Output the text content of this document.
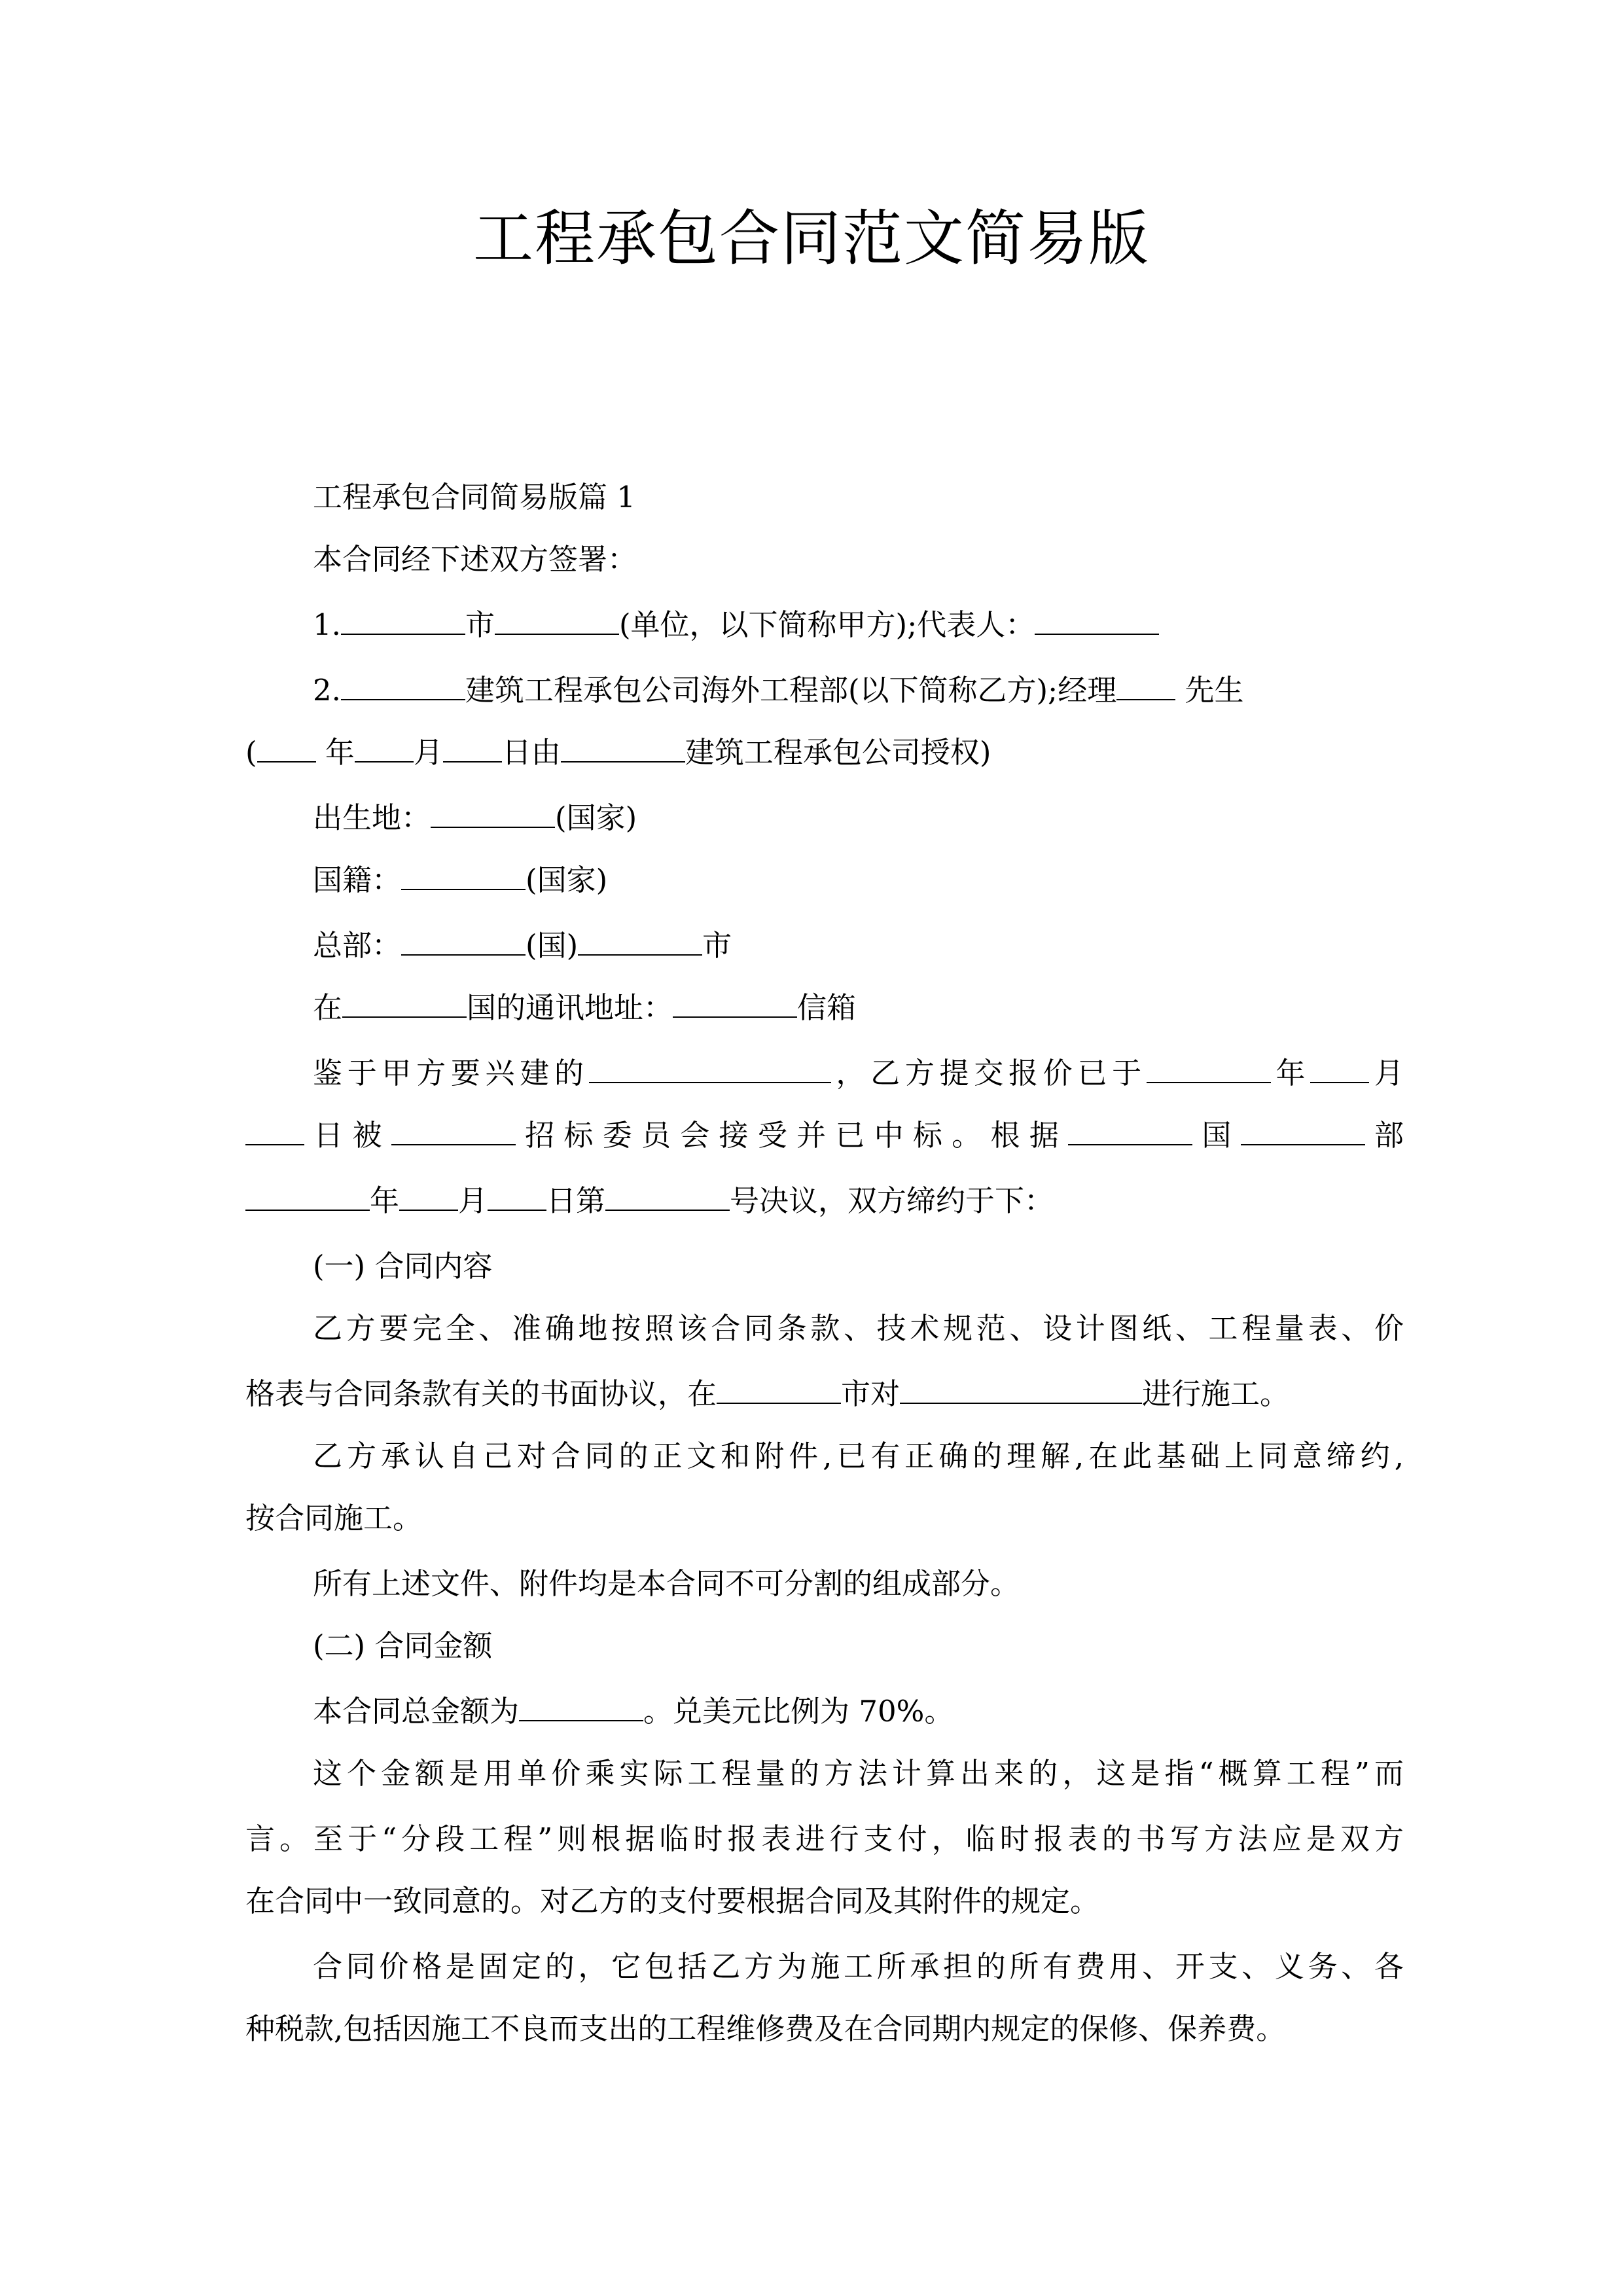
工程承包合同范文简易版
工程承包合同简易版篇 1
本合同经下述双方签署：
1.	市	(单位，以下简称甲方);代表人：
2.	建筑工程承包公司海外工程部(以下简称乙方);经理 先生
( 年 月 日由	建筑工程承包公司授权)
出生地：	(国家)
国籍：	(国家)
总部：	(国)	市
在	国的通讯地址：	信箱
鉴于甲方要兴建的	，乙方提交报价已于	年 月
日被	招标委员会接受并已中标。根据	国	部
年 月 日第	号决议，双方缔约于下：
(一) 合同内容
乙方要完全、准确地按照该合同条款、技术规范、设计图纸、工程量表、价
格表与合同条款有关的书面协议，在	市对	进行施工。
乙方承认自己对合同的正文和附件,已有正确的理解,在此基础上同意缔约,
按合同施工。
所有上述文件、附件均是本合同不可分割的组成部分。
(二) 合同金额
本合同总金额为	。兑美元比例为 70%。
这个金额是用单价乘实际工程量的方法计算出来的，这是指“概算工程”而
言。至于“分段工程”则根据临时报表进行支付，临时报表的书写方法应是双方
在合同中一致同意的。对乙方的支付要根据合同及其附件的规定。
合同价格是固定的，它包括乙方为施工所承担的所有费用、开支、义务、各
种税款,包括因施工不良而支出的工程维修费及在合同期内规定的保修、保养费。
